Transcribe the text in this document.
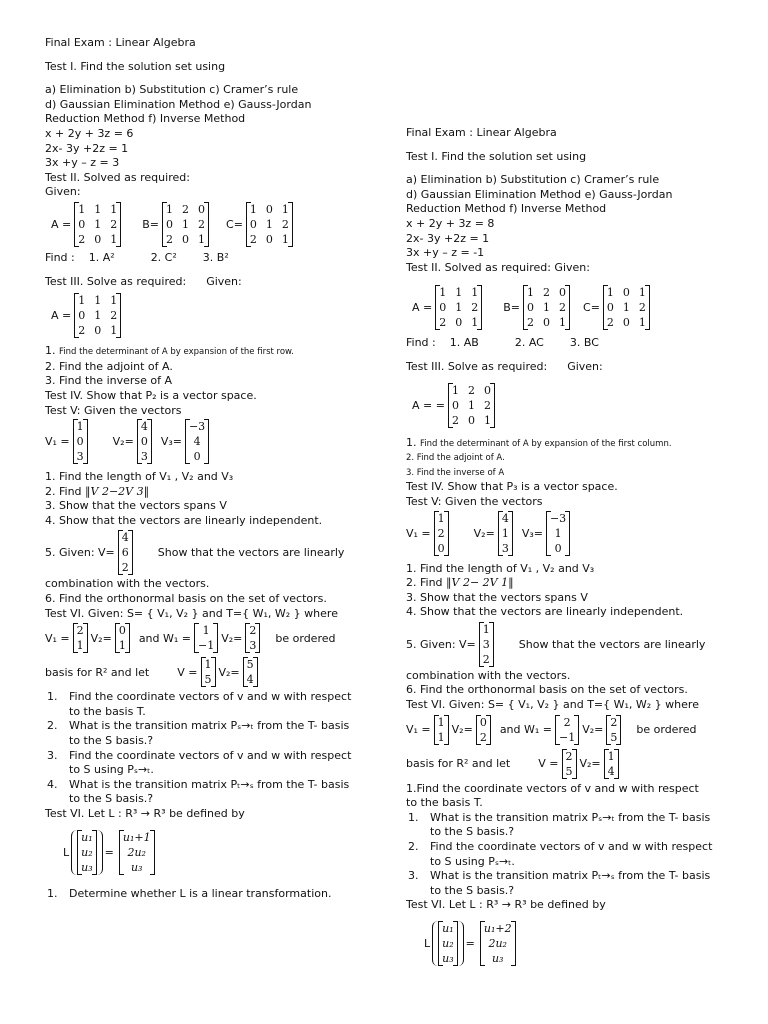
Final Exam : Linear Algebra
Test I. Find the solution set using
a) Elimination b) Substitution c) Cramer’s rule
d) Gaussian Elimination Method e) Gauss-Jordan
Reduction Method f) Inverse Method
x + 2y + 3z = 6
2x- 3y +2z = 1
3x +y – z = 3
Test II. Solved as required:
Given:
A =
1 1 1
0 1 2
2 0 1
B=
1 2 0
0 1 2
2 0 1
C=
1 0 1
0 1 2
2 0 1
Find : 1. A²	2. C² 3. B²
Test III. Solve as required: Given:
A =
1 1 1
0 1 2
2 0 1
1. Find the determinant of A by expansion of the first row.
2. Find the adjoint of A.
3. Find the inverse of A
Test IV. Show that P₂ is a vector space.
Test V: Given the vectors
V₁ =
1
0
3
V₂=
4
0
3
V₃=
−3
4
0
1. Find the length of V₁ , V₂ and V₃
2. Find ‖V 2−2V 3‖
3. Show that the vectors spans V
4. Show that the vectors are linearly independent.
5. Given: V=
4
6
2
Show that the vectors are linearly
combination with the vectors.
6. Find the orthonormal basis on the set of vectors.
Test VI. Given: S= { V₁, V₂ } and T={ W₁, W₂ } where
V₁ =
2
1
V₂=
0
1
and W₁ =
1
−1
V₂=
2
3
be ordered
basis for R² and let	V =
1
5
V₂=
5
4
1.	Find the coordinate vectors of v and w with respect
to the basis T.
2.	What is the transition matrix Pₛ→ₜ from the T- basis
to the S basis.?
3.	Find the coordinate vectors of v and w with respect
to S using Pₛ→ₜ.
4.	What is the transition matrix Pₜ→ₛ from the T- basis
to the S basis.?
Test VI. Let L : R³ → R³ be defined by
L
u₁
u₂
u₃
=
u₁+1
2u₂
u₃
1.	Determine whether L is a linear transformation.
Final Exam : Linear Algebra
Test I. Find the solution set using
a) Elimination b) Substitution c) Cramer’s rule
d) Gaussian Elimination Method e) Gauss-Jordan
Reduction Method f) Inverse Method
x + 2y + 3z = 8
2x- 3y +2z = 1
3x +y – z = -1
Test II. Solved as required: Given:
A =
1 1 1
0 1 2
2 0 1
B=
1 2 0
0 1 2
2 0 1
C=
1 0 1
0 1 2
2 0 1
Find : 1. AB	2. AC 3. BC
Test III. Solve as required: Given:
A = =
1 2 0
0 1 2
2 0 1
1. Find the determinant of A by expansion of the first column.
2. Find the adjoint of A.
3. Find the inverse of A
Test IV. Show that P₃ is a vector space.
Test V: Given the vectors
V₁ =
1
2
0
V₂=
4
1
3
V₃=
−3
1
0
1. Find the length of V₁ , V₂ and V₃
2. Find ‖V 2− 2V 1‖
3. Show that the vectors spans V
4. Show that the vectors are linearly independent.
5. Given: V=
1
3
2
Show that the vectors are linearly
combination with the vectors.
6. Find the orthonormal basis on the set of vectors.
Test VI. Given: S= { V₁, V₂ } and T={ W₁, W₂ } where
V₁ =
1
1
V₂=
0
2
and W₁ =
2
−1
V₂=
2
5
be ordered
basis for R² and let	V =
2
5
V₂=
1
4
1.Find the coordinate vectors of v and w with respect
to the basis T.
1.	What is the transition matrix Pₛ→ₜ from the T- basis
to the S basis.?
2.	Find the coordinate vectors of v and w with respect
to S using Pₛ→ₜ.
3.	What is the transition matrix Pₜ→ₛ from the T- basis
to the S basis.?
Test VI. Let L : R³ → R³ be defined by
L
u₁
u₂
u₃
=
u₁+2
2u₂
u₃
